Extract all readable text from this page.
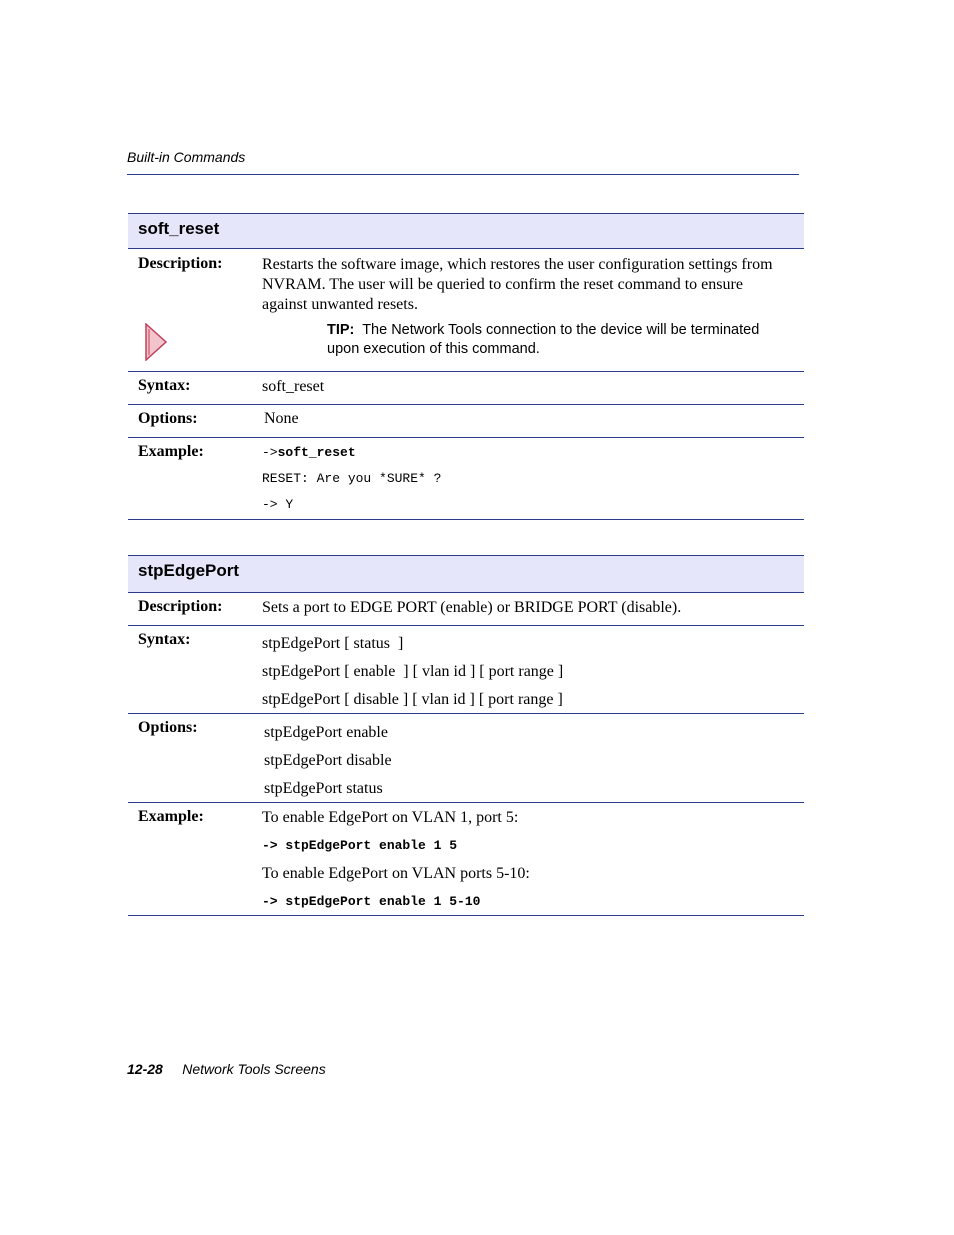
Built-in Commands
soft_reset
Description: Restarts the software image, which restores the user configuration settings from NVRAM. The user will be queried to confirm the reset command to ensure against unwanted resets.
TIP: The Network Tools connection to the device will be terminated upon execution of this command.
Syntax:	soft_reset
Options:	None
Example:	->soft_reset
RESET: Are you *SURE* ?
-> Y
stpEdgePort
Description: Sets a port to EDGE PORT (enable) or BRIDGE PORT (disable).
Syntax:	stpEdgePort [ status  ]
stpEdgePort [ enable  ] [ vlan id ] [ port range ]
stpEdgePort [ disable ] [ vlan id ] [ port range ]
Options:	stpEdgePort enable
stpEdgePort disable
stpEdgePort status
Example:	To enable EdgePort on VLAN 1, port 5:
-> stpEdgePort enable 1 5
To enable EdgePort on VLAN ports 5-10:
-> stpEdgePort enable 1 5-10
12-28 Network Tools Screens
